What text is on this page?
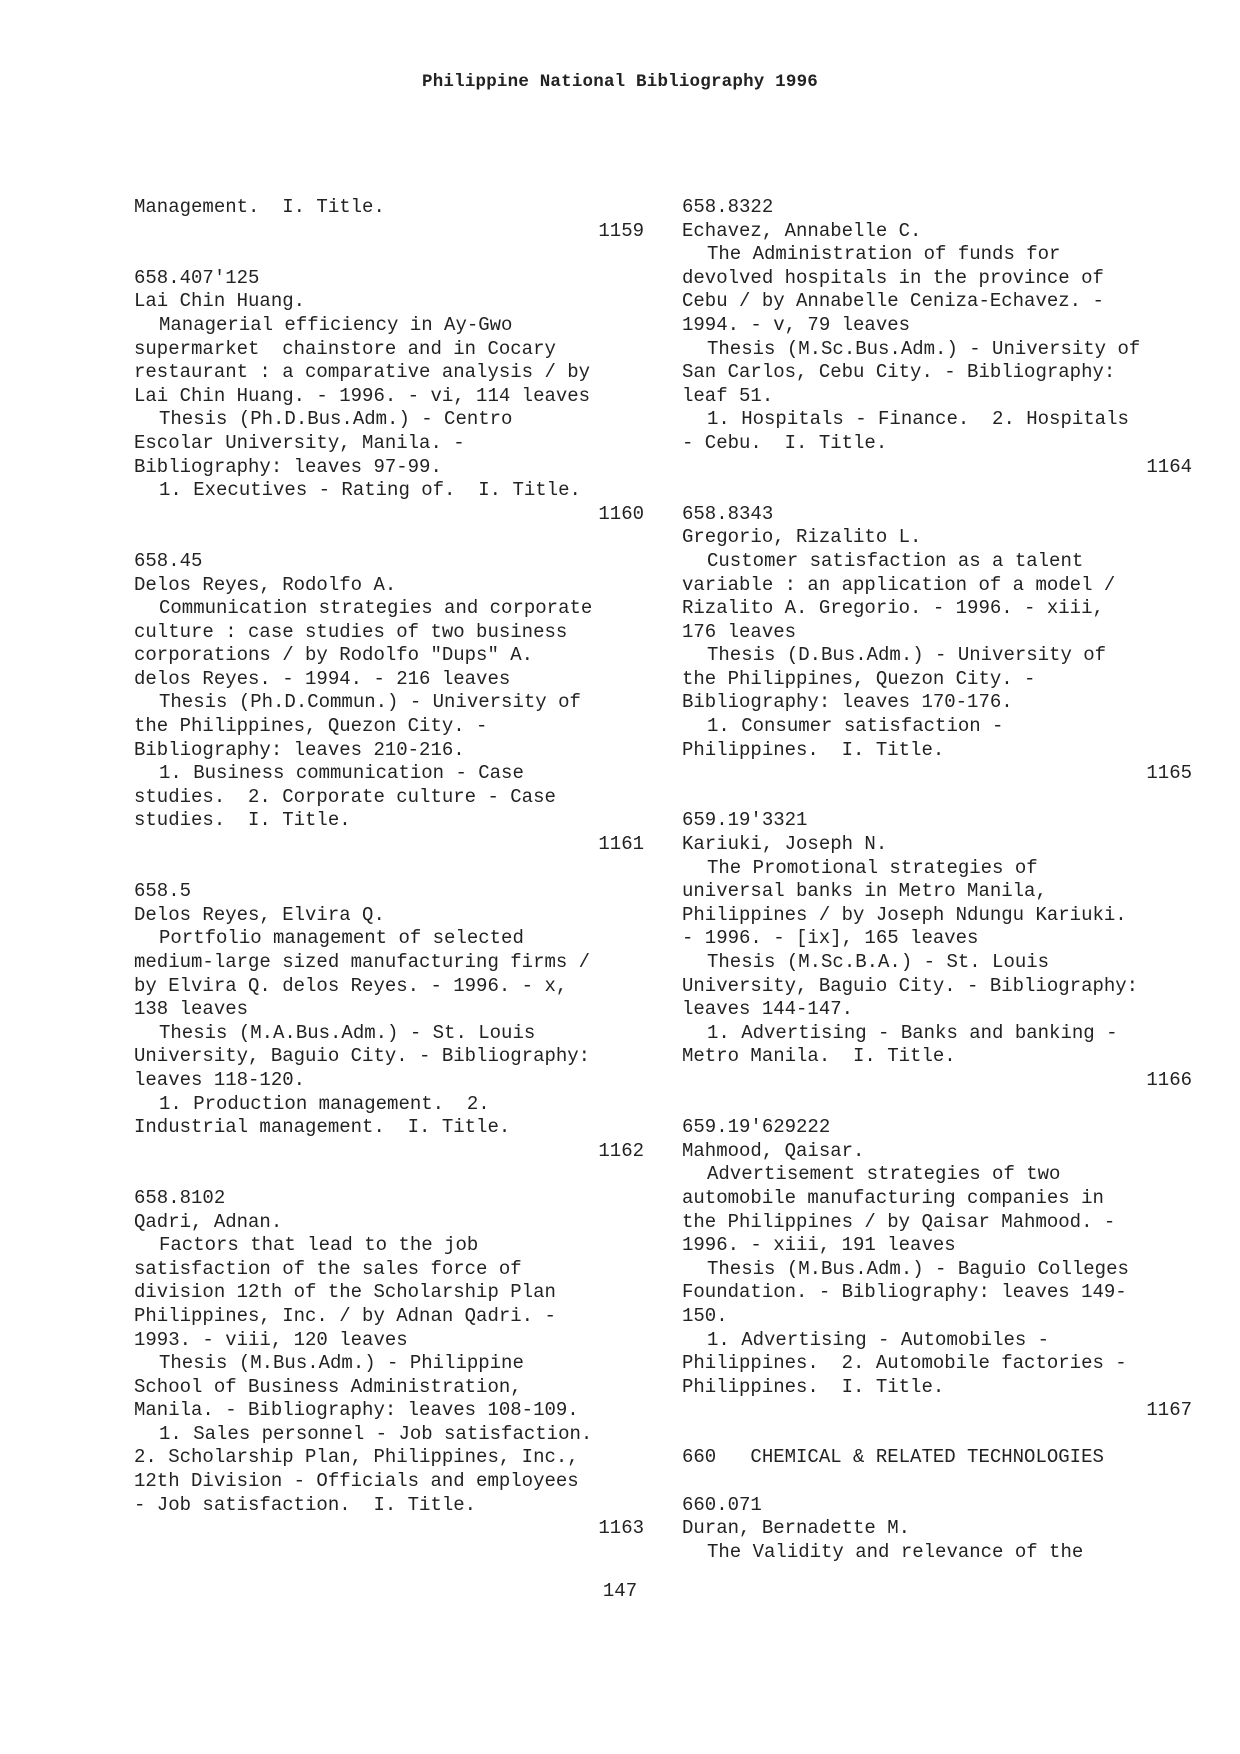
Philippine National Bibliography 1996
Management.  I. Title.
1159
658.407'125
Lai Chin Huang.
Managerial efficiency in Ay-Gwo
supermarket  chainstore and in Cocary
restaurant : a comparative analysis / by
Lai Chin Huang. - 1996. - vi, 114 leaves
Thesis (Ph.D.Bus.Adm.) - Centro
Escolar University, Manila. -
Bibliography: leaves 97-99.
1. Executives - Rating of.  I. Title.
1160
658.45
Delos Reyes, Rodolfo A.
Communication strategies and corporate
culture : case studies of two business
corporations / by Rodolfo "Dups" A.
delos Reyes. - 1994. - 216 leaves
Thesis (Ph.D.Commun.) - University of
the Philippines, Quezon City. -
Bibliography: leaves 210-216.
1. Business communication - Case
studies.  2. Corporate culture - Case
studies.  I. Title.
1161
658.5
Delos Reyes, Elvira Q.
Portfolio management of selected
medium-large sized manufacturing firms /
by Elvira Q. delos Reyes. - 1996. - x,
138 leaves
Thesis (M.A.Bus.Adm.) - St. Louis
University, Baguio City. - Bibliography:
leaves 118-120.
1. Production management.  2.
Industrial management.  I. Title.
1162
658.8102
Qadri, Adnan.
Factors that lead to the job
satisfaction of the sales force of
division 12th of the Scholarship Plan
Philippines, Inc. / by Adnan Qadri. -
1993. - viii, 120 leaves
Thesis (M.Bus.Adm.) - Philippine
School of Business Administration,
Manila. - Bibliography: leaves 108-109.
1. Sales personnel - Job satisfaction.
2. Scholarship Plan, Philippines, Inc.,
12th Division - Officials and employees
- Job satisfaction.  I. Title.
1163
658.8322
Echavez, Annabelle C.
The Administration of funds for
devolved hospitals in the province of
Cebu / by Annabelle Ceniza-Echavez. -
1994. - v, 79 leaves
Thesis (M.Sc.Bus.Adm.) - University of
San Carlos, Cebu City. - Bibliography:
leaf 51.
1. Hospitals - Finance.  2. Hospitals
- Cebu.  I. Title.
1164
658.8343
Gregorio, Rizalito L.
Customer satisfaction as a talent
variable : an application of a model /
Rizalito A. Gregorio. - 1996. - xiii,
176 leaves
Thesis (D.Bus.Adm.) - University of
the Philippines, Quezon City. -
Bibliography: leaves 170-176.
1. Consumer satisfaction -
Philippines.  I. Title.
1165
659.19'3321
Kariuki, Joseph N.
The Promotional strategies of
universal banks in Metro Manila,
Philippines / by Joseph Ndungu Kariuki.
- 1996. - [ix], 165 leaves
Thesis (M.Sc.B.A.) - St. Louis
University, Baguio City. - Bibliography:
leaves 144-147.
1. Advertising - Banks and banking -
Metro Manila.  I. Title.
1166
659.19'629222
Mahmood, Qaisar.
Advertisement strategies of two
automobile manufacturing companies in
the Philippines / by Qaisar Mahmood. -
1996. - xiii, 191 leaves
Thesis (M.Bus.Adm.) - Baguio Colleges
Foundation. - Bibliography: leaves 149-
150.
1. Advertising - Automobiles -
Philippines.  2. Automobile factories -
Philippines.  I. Title.
1167
660   CHEMICAL & RELATED TECHNOLOGIES
660.071
Duran, Bernadette M.
The Validity and relevance of the
147
